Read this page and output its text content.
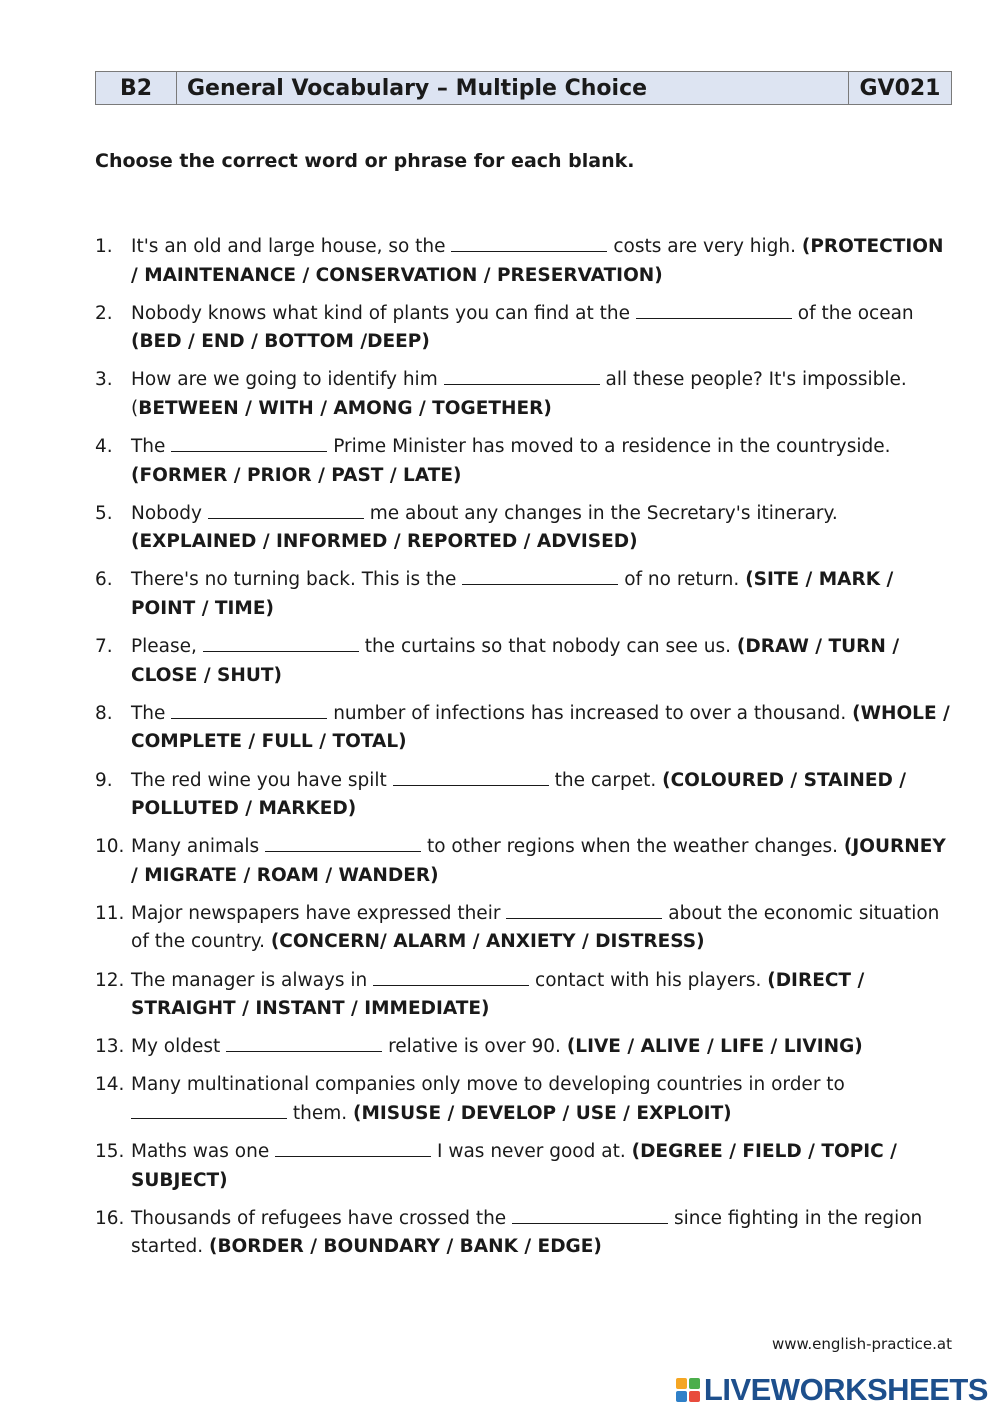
B2	General Vocabulary – Multiple Choice	GV021
Choose the correct word or phrase for each blank.
1. It's an old and large house, so the	costs are very high. (PROTECTION / MAINTENANCE / CONSERVATION / PRESERVATION)
2. Nobody knows what kind of plants you can find at the	of the ocean (BED / END / BOTTOM /DEEP)
3. How are we going to identify him	all these people? It's impossible. (BETWEEN / WITH / AMONG / TOGETHER)
4. The	Prime Minister has moved to a residence in the countryside. (FORMER / PRIOR / PAST / LATE)
5. Nobody	me about any changes in the Secretary's itinerary. (EXPLAINED / INFORMED / REPORTED / ADVISED)
6. There's no turning back. This is the	of no return. (SITE / MARK / POINT / TIME)
7. Please,	the curtains so that nobody can see us. (DRAW / TURN / CLOSE / SHUT)
8. The	number of infections has increased to over a thousand. (WHOLE / COMPLETE / FULL / TOTAL)
9. The red wine you have spilt	the carpet. (COLOURED / STAINED / POLLUTED / MARKED)
10. Many animals	to other regions when the weather changes. (JOURNEY / MIGRATE / ROAM / WANDER)
11. Major newspapers have expressed their	about the economic situation of the country. (CONCERN/ ALARM / ANXIETY / DISTRESS)
12. The manager is always in	contact with his players. (DIRECT / STRAIGHT / INSTANT / IMMEDIATE)
13. My oldest	relative is over 90. (LIVE / ALIVE / LIFE / LIVING)
14. Many multinational companies only move to developing countries in order to  them. (MISUSE / DEVELOP / USE / EXPLOIT)
15. Maths was one	I was never good at. (DEGREE / FIELD / TOPIC / SUBJECT)
16. Thousands of refugees have crossed the	since fighting in the region started. (BORDER / BOUNDARY / BANK / EDGE)
www.english-practice.at
LIVEWORKSHEETS
